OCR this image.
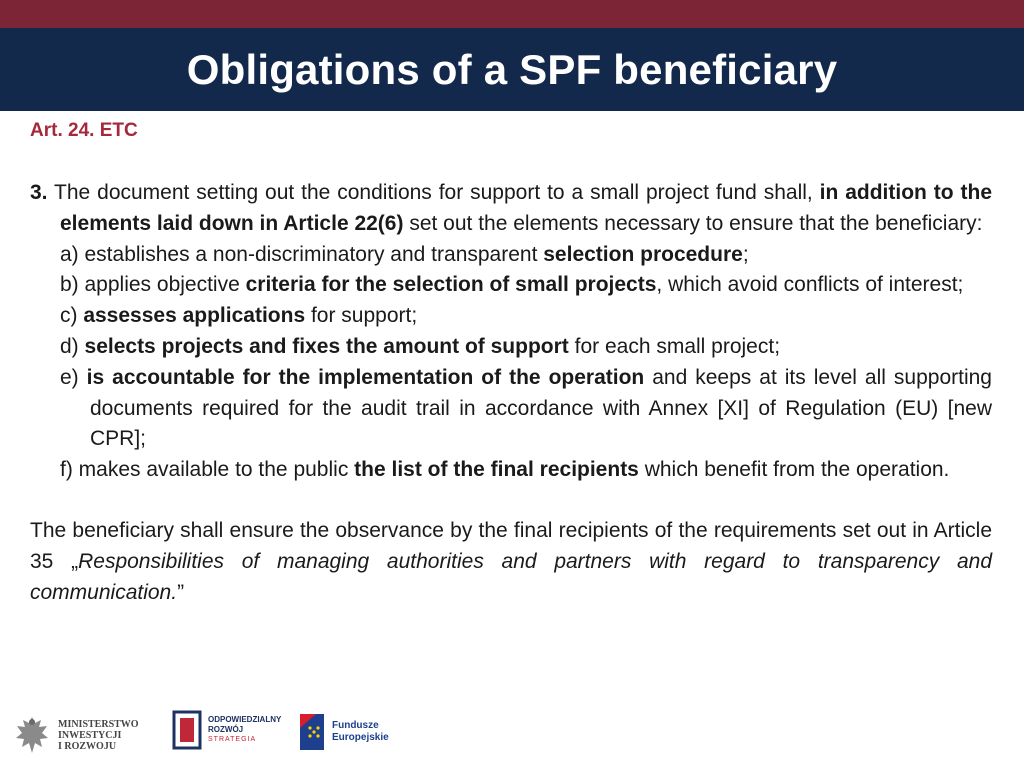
Obligations of a SPF beneficiary
Art. 24. ETC

3. The document setting out the conditions for support to a small project fund shall, in addition to the elements laid down in Article 22(6) set out the elements necessary to ensure that the beneficiary:

a) establishes a non-discriminatory and transparent selection procedure;
b) applies objective criteria for the selection of small projects, which avoid conflicts of interest;
c) assesses applications for support;
d) selects projects and fixes the amount of support for each small project;
e) is accountable for the implementation of the operation and keeps at its level all supporting documents required for the audit trail in accordance with Annex [XI] of Regulation (EU) [new CPR];
f) makes available to the public the list of the final recipients which benefit from the operation.

The beneficiary shall ensure the observance by the final recipients of the requirements set out in Article 35 „Responsibilities of managing authorities and partners with regard to transparency and communication.”

MINISTERSTWO
INWESTYCJI
I ROZWOJU
ODPOWIEDZIALNY
ROZWÓJ
STRATEGIA
Fundusze
Europejskie
